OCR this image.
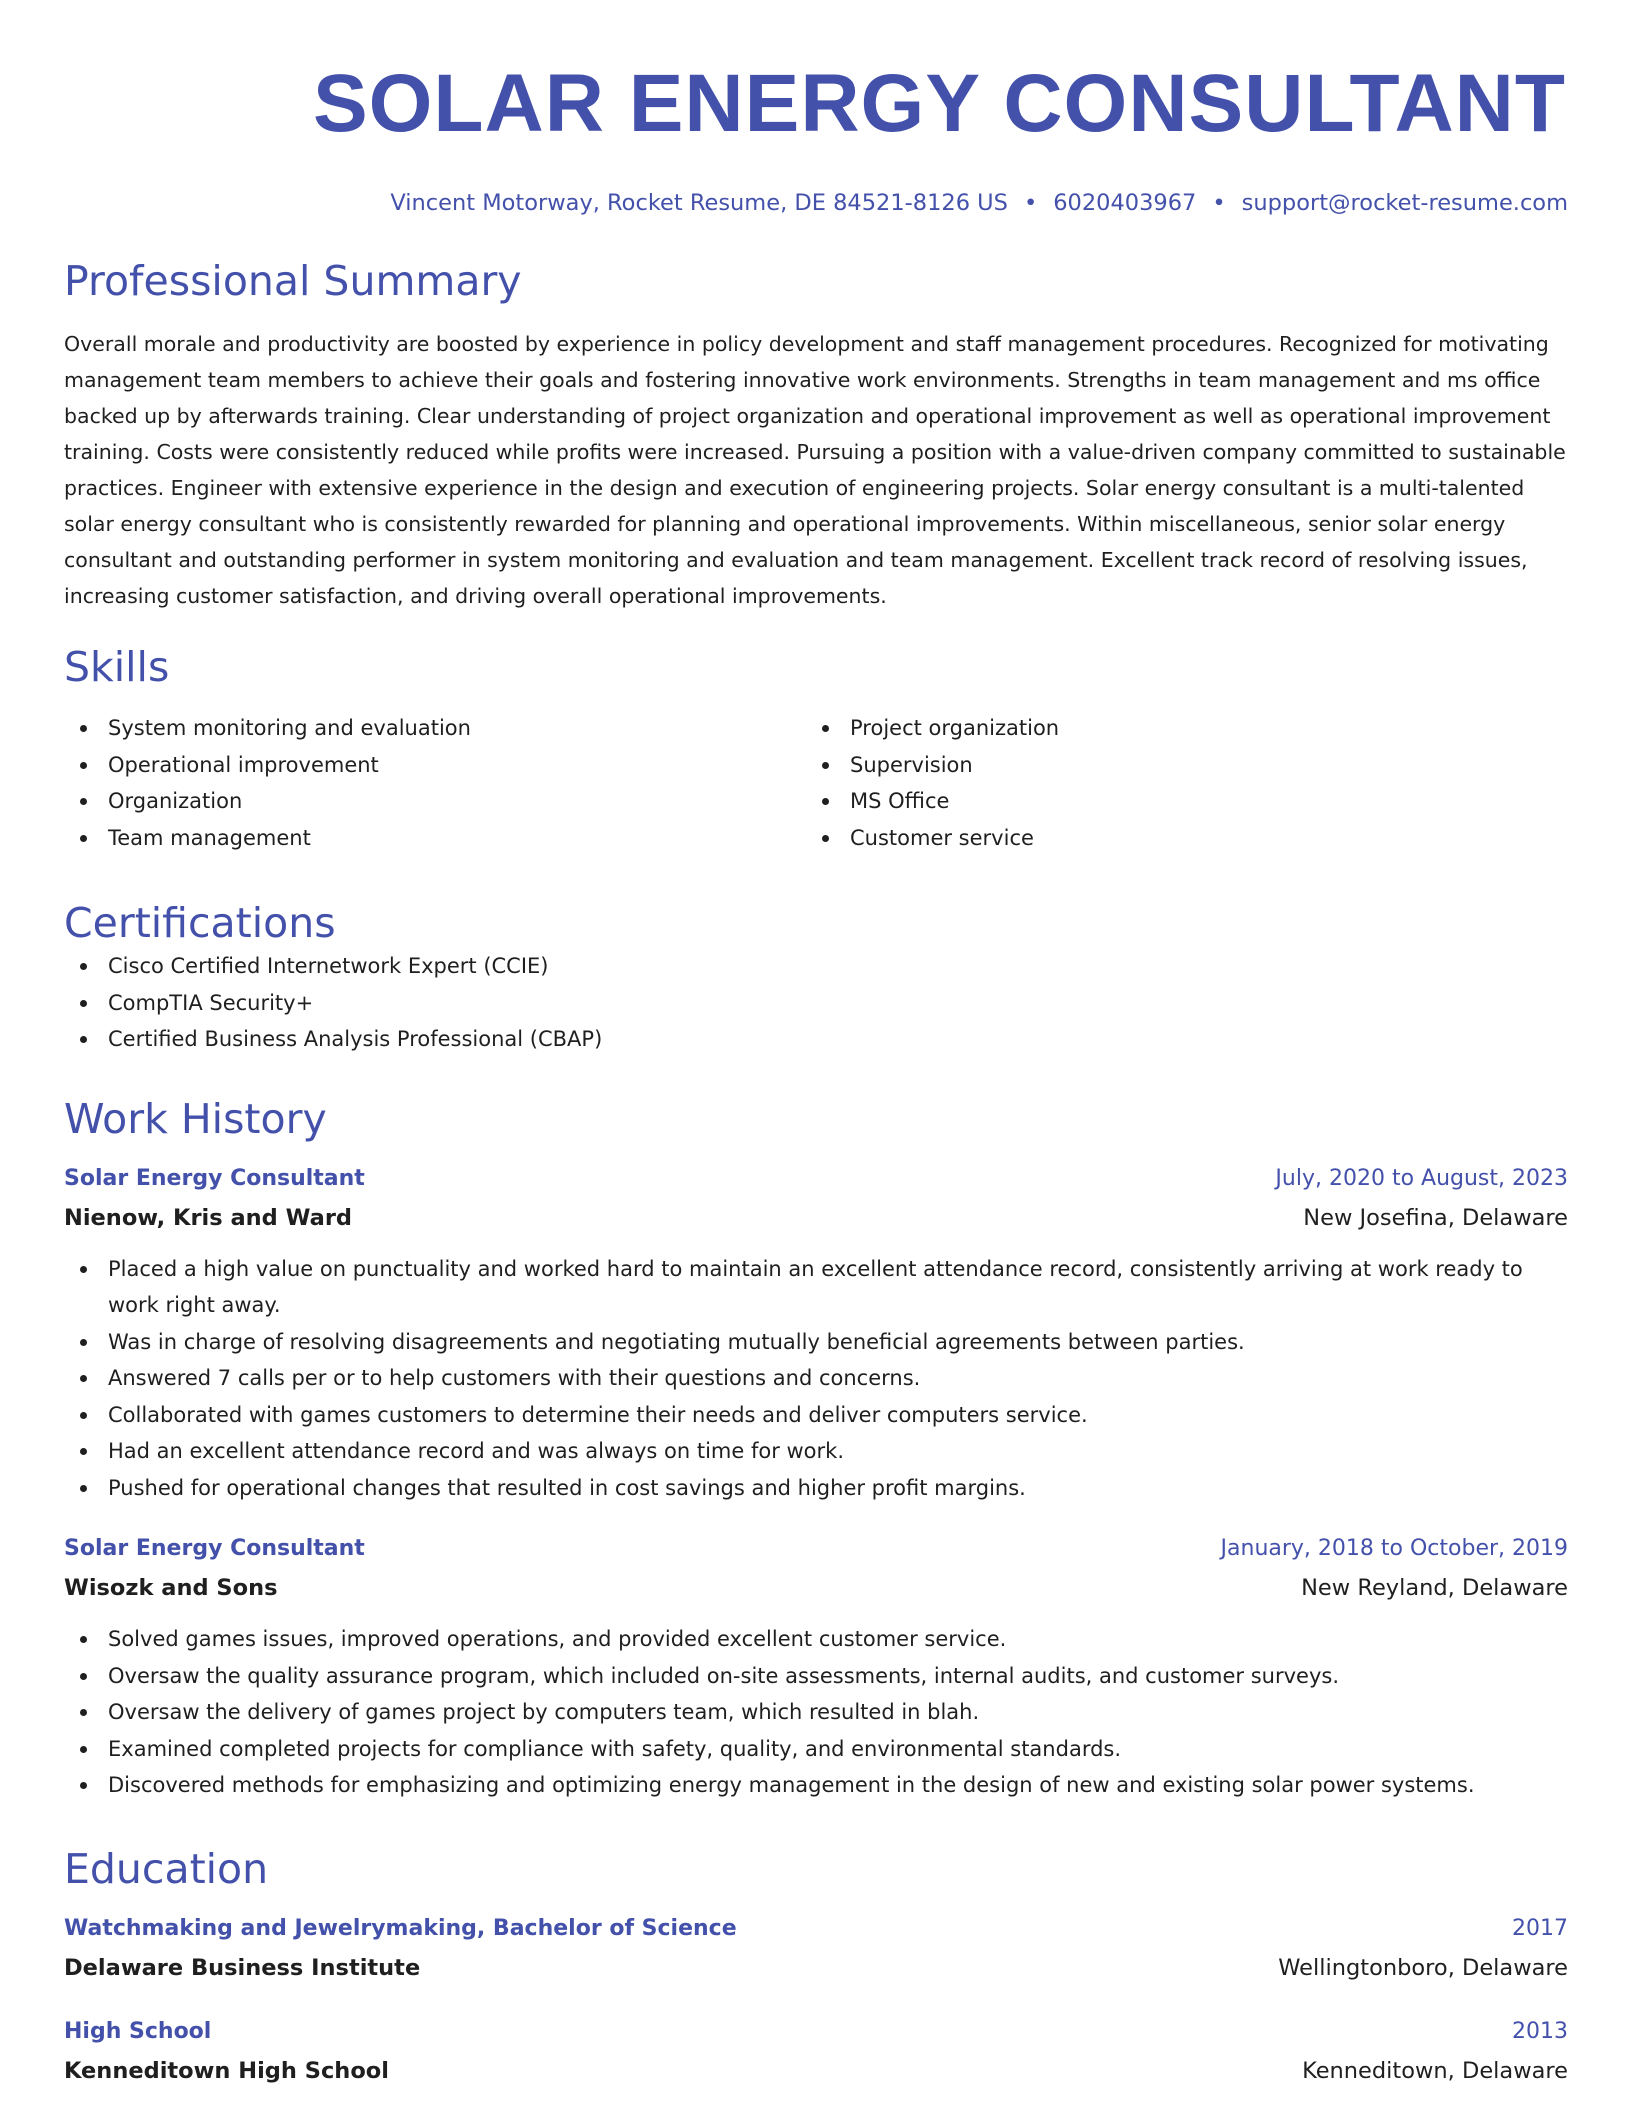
SOLAR ENERGY CONSULTANT
Vincent Motorway, Rocket Resume, DE 84521-8126 US • 6020403967 • support@rocket-resume.com
Professional Summary
Overall morale and productivity are boosted by experience in policy development and staff management procedures. Recognized for motivating management team members to achieve their goals and fostering innovative work environments. Strengths in team management and ms office backed up by afterwards training. Clear understanding of project organization and operational improvement as well as operational improvement training. Costs were consistently reduced while profits were increased. Pursuing a position with a value-driven company committed to sustainable practices. Engineer with extensive experience in the design and execution of engineering projects. Solar energy consultant is a multi-talented solar energy consultant who is consistently rewarded for planning and operational improvements. Within miscellaneous, senior solar energy consultant and outstanding performer in system monitoring and evaluation and team management. Excellent track record of resolving issues, increasing customer satisfaction, and driving overall operational improvements.
Skills
System monitoring and evaluation
Operational improvement
Organization
Team management
Project organization
Supervision
MS Office
Customer service
Certifications
Cisco Certified Internetwork Expert (CCIE)
CompTIA Security+
Certified Business Analysis Professional (CBAP)
Work History
Solar Energy Consultant	July, 2020 to August, 2023
Nienow, Kris and Ward	New Josefina, Delaware
Placed a high value on punctuality and worked hard to maintain an excellent attendance record, consistently arriving at work ready to work right away.
Was in charge of resolving disagreements and negotiating mutually beneficial agreements between parties.
Answered 7 calls per or to help customers with their questions and concerns.
Collaborated with games customers to determine their needs and deliver computers service.
Had an excellent attendance record and was always on time for work.
Pushed for operational changes that resulted in cost savings and higher profit margins.
Solar Energy Consultant	January, 2018 to October, 2019
Wisozk and Sons	New Reyland, Delaware
Solved games issues, improved operations, and provided excellent customer service.
Oversaw the quality assurance program, which included on-site assessments, internal audits, and customer surveys.
Oversaw the delivery of games project by computers team, which resulted in blah.
Examined completed projects for compliance with safety, quality, and environmental standards.
Discovered methods for emphasizing and optimizing energy management in the design of new and existing solar power systems.
Education
Watchmaking and Jewelrymaking, Bachelor of Science	2017
Delaware Business Institute	Wellingtonboro, Delaware
High School	2013
Kenneditown High School	Kenneditown, Delaware
